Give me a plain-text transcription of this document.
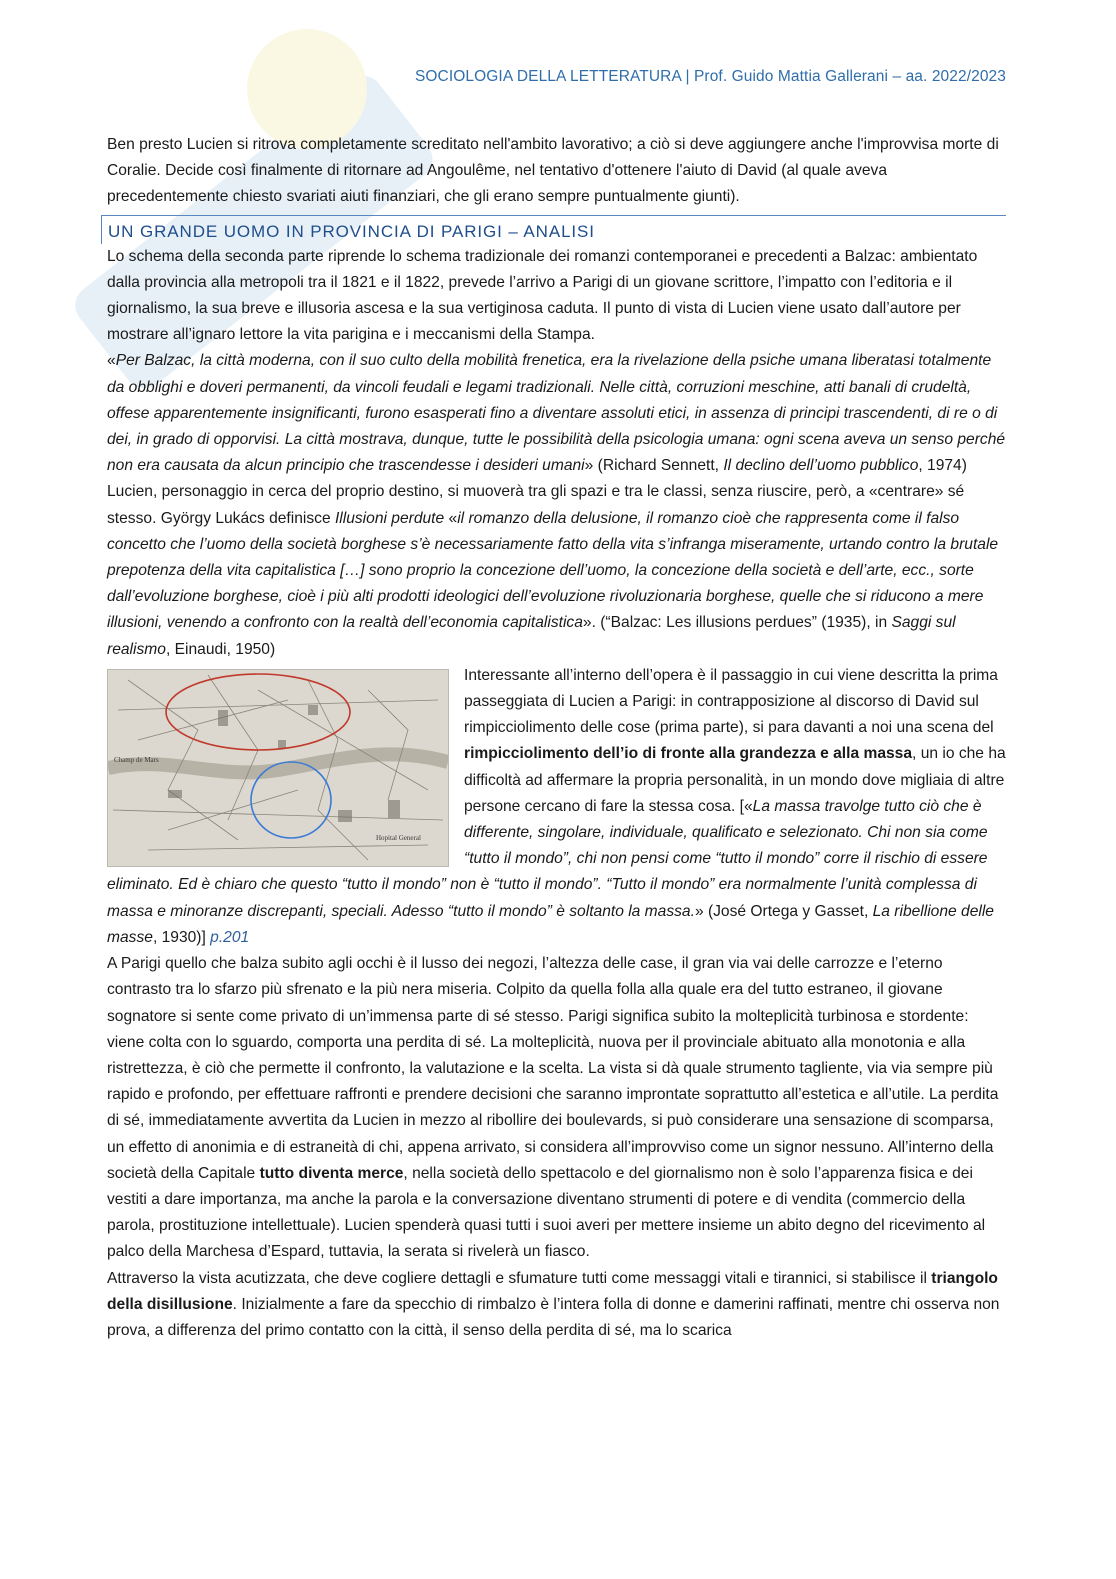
SOCIOLOGIA DELLA LETTERATURA | Prof. Guido Mattia Gallerani – aa. 2022/2023

Ben presto Lucien si ritrova completamente screditato nell'ambito lavorativo; a ciò si deve aggiungere anche l'improvvisa morte di Coralie. Decide così finalmente di ritornare ad Angoulême, nel tentativo d'ottenere l'aiuto di David (al quale aveva precedentemente chiesto svariati aiuti finanziari, che gli erano sempre puntualmente giunti).

UN GRANDE UOMO IN PROVINCIA DI PARIGI – ANALISI

Lo schema della seconda parte riprende lo schema tradizionale dei romanzi contemporanei e precedenti a Balzac: ambientato dalla provincia alla metropoli tra il 1821 e il 1822, prevede l’arrivo a Parigi di un giovane scrittore, l’impatto con l’editoria e il giornalismo, la sua breve e illusoria ascesa e la sua vertiginosa caduta. Il punto di vista di Lucien viene usato dall’autore per mostrare all’ignaro lettore la vita parigina e i meccanismi della Stampa.

«Per Balzac, la città moderna, con il suo culto della mobilità frenetica, era la rivelazione della psiche umana liberatasi totalmente da obblighi e doveri permanenti, da vincoli feudali e legami tradizionali. Nelle città, corruzioni meschine, atti banali di crudeltà, offese apparentemente insignificanti, furono esasperati fino a diventare assoluti etici, in assenza di principi trascendenti, di re o di dei, in grado di opporvisi. La città mostrava, dunque, tutte le possibilità della psicologia umana: ogni scena aveva un senso perché non era causata da alcun principio che trascendesse i desideri umani» (Richard Sennett, Il declino dell’uomo pubblico, 1974)

Lucien, personaggio in cerca del proprio destino, si muoverà tra gli spazi e tra le classi, senza riuscire, però, a «centrare» sé stesso. György Lukács definisce Illusioni perdute «il romanzo della delusione, il romanzo cioè che rappresenta come il falso concetto che l’uomo della società borghese s’è necessariamente fatto della vita s’infranga miseramente, urtando contro la brutale prepotenza della vita capitalistica […] sono proprio la concezione dell’uomo, la concezione della società e dell’arte, ecc., sorte dall’evoluzione borghese, cioè i più alti prodotti ideologici dell’evoluzione rivoluzionaria borghese, quelle che si riducono a mere illusioni, venendo a confronto con la realtà dell’economia capitalistica». (“Balzac: Les illusions perdues” (1935), in Saggi sul realismo, Einaudi, 1950)

Champ de Mars
Hopital General

Interessante all’interno dell’opera è il passaggio in cui viene descritta la prima passeggiata di Lucien a Parigi: in contrapposizione al discorso di David sul rimpicciolimento delle cose (prima parte), si para davanti a noi una scena del rimpicciolimento dell’io di fronte alla grandezza e alla massa, un io che ha difficoltà ad affermare la propria personalità, in un mondo dove migliaia di altre persone cercano di fare la stessa cosa. [«La massa travolge tutto ciò che è differente, singolare, individuale, qualificato e selezionato. Chi non sia come “tutto il mondo”, chi non pensi come “tutto il mondo” corre il rischio di essere eliminato. Ed è chiaro che questo “tutto il mondo” non è “tutto il mondo”. “Tutto il mondo” era normalmente l’unità complessa di massa e minoranze discrepanti, speciali. Adesso “tutto il mondo” è soltanto la massa.» (José Ortega y Gasset, La ribellione delle masse, 1930)] p.201

A Parigi quello che balza subito agli occhi è il lusso dei negozi, l’altezza delle case, il gran via vai delle carrozze e l’eterno contrasto tra lo sfarzo più sfrenato e la più nera miseria. Colpito da quella folla alla quale era del tutto estraneo, il giovane sognatore si sente come privato di un’immensa parte di sé stesso. Parigi significa subito la molteplicità turbinosa e stordente: viene colta con lo sguardo, comporta una perdita di sé. La molteplicità, nuova per il provinciale abituato alla monotonia e alla ristrettezza, è ciò che permette il confronto, la valutazione e la scelta. La vista si dà quale strumento tagliente, via via sempre più rapido e profondo, per effettuare raffronti e prendere decisioni che saranno improntate soprattutto all’estetica e all’utile. La perdita di sé, immediatamente avvertita da Lucien in mezzo al ribollire dei boulevards, si può considerare una sensazione di scomparsa, un effetto di anonimia e di estraneità di chi, appena arrivato, si considera all’improvviso come un signor nessuno. All’interno della società della Capitale tutto diventa merce, nella società dello spettacolo e del giornalismo non è solo l’apparenza fisica e dei vestiti a dare importanza, ma anche la parola e la conversazione diventano strumenti di potere e di vendita (commercio della parola, prostituzione intellettuale). Lucien spenderà quasi tutti i suoi averi per mettere insieme un abito degno del ricevimento al palco della Marchesa d’Espard, tuttavia, la serata si rivelerà un fiasco.

Attraverso la vista acutizzata, che deve cogliere dettagli e sfumature tutti come messaggi vitali e tirannici, si stabilisce il triangolo della disillusione. Inizialmente a fare da specchio di rimbalzo è l’intera folla di donne e damerini raffinati, mentre chi osserva non prova, a differenza del primo contatto con la città, il senso della perdita di sé, ma lo scarica
